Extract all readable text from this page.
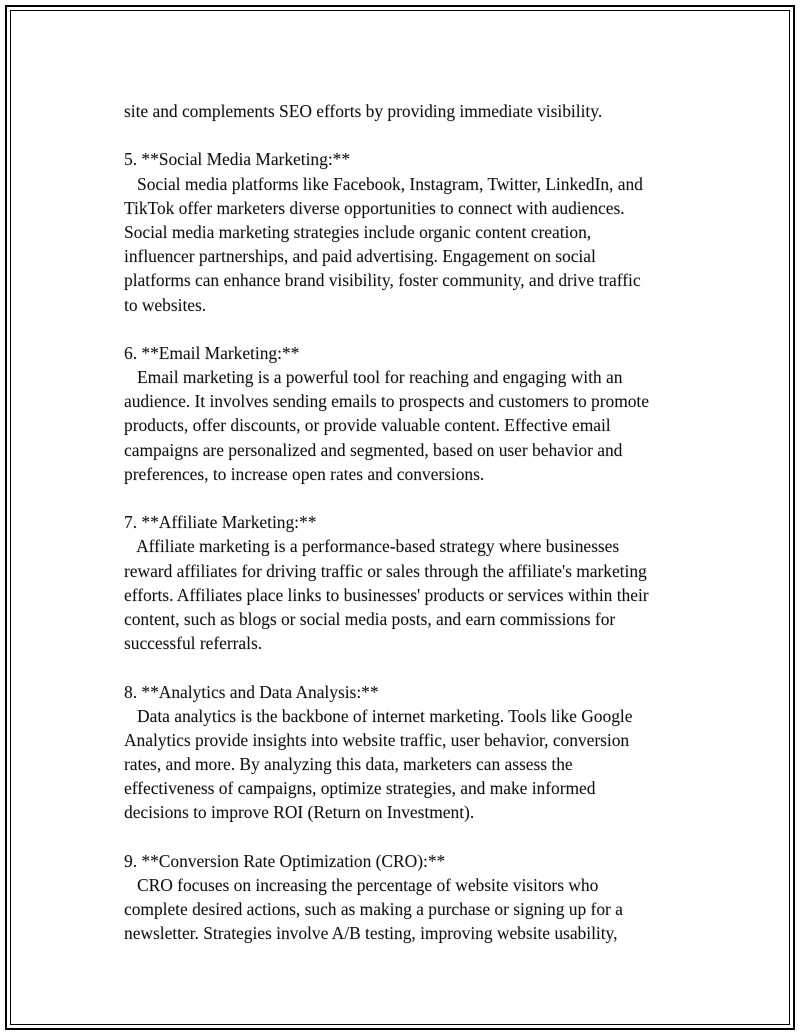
site and complements SEO efforts by providing immediate visibility.
5. **Social Media Marketing:**
Social media platforms like Facebook, Instagram, Twitter, LinkedIn, and
TikTok offer marketers diverse opportunities to connect with audiences.
Social media marketing strategies include organic content creation,
influencer partnerships, and paid advertising. Engagement on social
platforms can enhance brand visibility, foster community, and drive traffic
to websites.
6. **Email Marketing:**
Email marketing is a powerful tool for reaching and engaging with an
audience. It involves sending emails to prospects and customers to promote
products, offer discounts, or provide valuable content. Effective email
campaigns are personalized and segmented, based on user behavior and
preferences, to increase open rates and conversions.
7. **Affiliate Marketing:**
Affiliate marketing is a performance-based strategy where businesses
reward affiliates for driving traffic or sales through the affiliate's marketing
efforts. Affiliates place links to businesses' products or services within their
content, such as blogs or social media posts, and earn commissions for
successful referrals.
8. **Analytics and Data Analysis:**
Data analytics is the backbone of internet marketing. Tools like Google
Analytics provide insights into website traffic, user behavior, conversion
rates, and more. By analyzing this data, marketers can assess the
effectiveness of campaigns, optimize strategies, and make informed
decisions to improve ROI (Return on Investment).
9. **Conversion Rate Optimization (CRO):**
CRO focuses on increasing the percentage of website visitors who
complete desired actions, such as making a purchase or signing up for a
newsletter. Strategies involve A/B testing, improving website usability,
